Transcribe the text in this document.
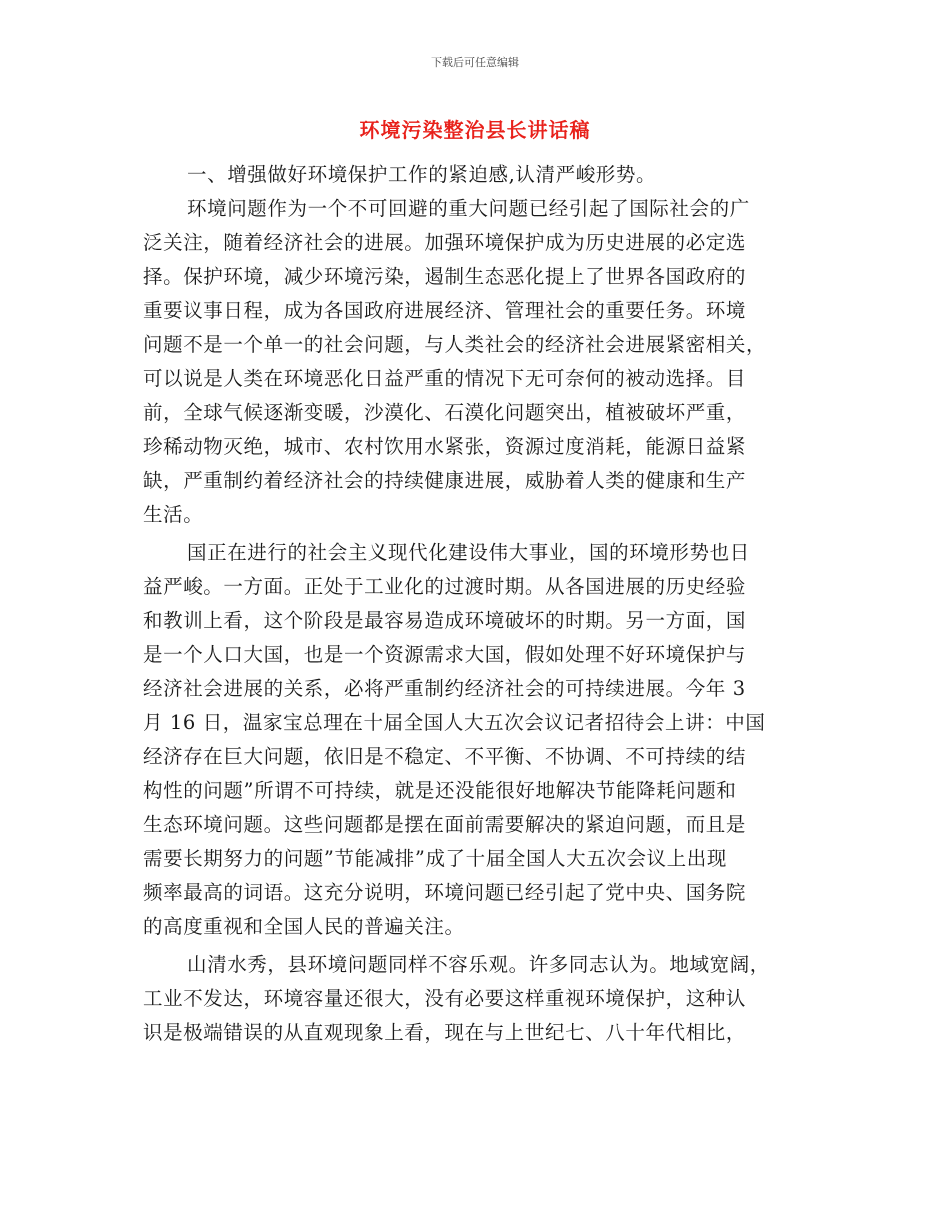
下载后可任意编辑
环境污染整治县长讲话稿
一、增强做好环境保护工作的紧迫感,认清严峻形势。
环境问题作为一个不可回避的重大问题已经引起了国际社会的广
泛关注，随着经济社会的进展。加强环境保护成为历史进展的必定选
择。保护环境，减少环境污染，遏制生态恶化提上了世界各国政府的
重要议事日程，成为各国政府进展经济、管理社会的重要任务。环境
问题不是一个单一的社会问题，与人类社会的经济社会进展紧密相关，
可以说是人类在环境恶化日益严重的情况下无可奈何的被动选择。目
前，全球气候逐渐变暖，沙漠化、石漠化问题突出，植被破坏严重，
珍稀动物灭绝，城市、农村饮用水紧张，资源过度消耗，能源日益紧
缺，严重制约着经济社会的持续健康进展，威胁着人类的健康和生产
生活。
国正在进行的社会主义现代化建设伟大事业，国的环境形势也日
益严峻。一方面。正处于工业化的过渡时期。从各国进展的历史经验
和教训上看，这个阶段是最容易造成环境破坏的时期。另一方面，国
是一个人口大国，也是一个资源需求大国，假如处理不好环境保护与
经济社会进展的关系，必将严重制约经济社会的可持续进展。今年 3
月 16 日，温家宝总理在十届全国人大五次会议记者招待会上讲：中国
经济存在巨大问题，依旧是不稳定、不平衡、不协调、不可持续的结
构性的问题”所谓不可持续，就是还没能很好地解决节能降耗问题和
生态环境问题。这些问题都是摆在面前需要解决的紧迫问题，而且是
需要长期努力的问题”节能减排”成了十届全国人大五次会议上出现
频率最高的词语。这充分说明，环境问题已经引起了党中央、国务院
的高度重视和全国人民的普遍关注。
山清水秀，县环境问题同样不容乐观。许多同志认为。地域宽阔，
工业不发达，环境容量还很大，没有必要这样重视环境保护，这种认
识是极端错误的从直观现象上看，现在与上世纪七、八十年代相比，
